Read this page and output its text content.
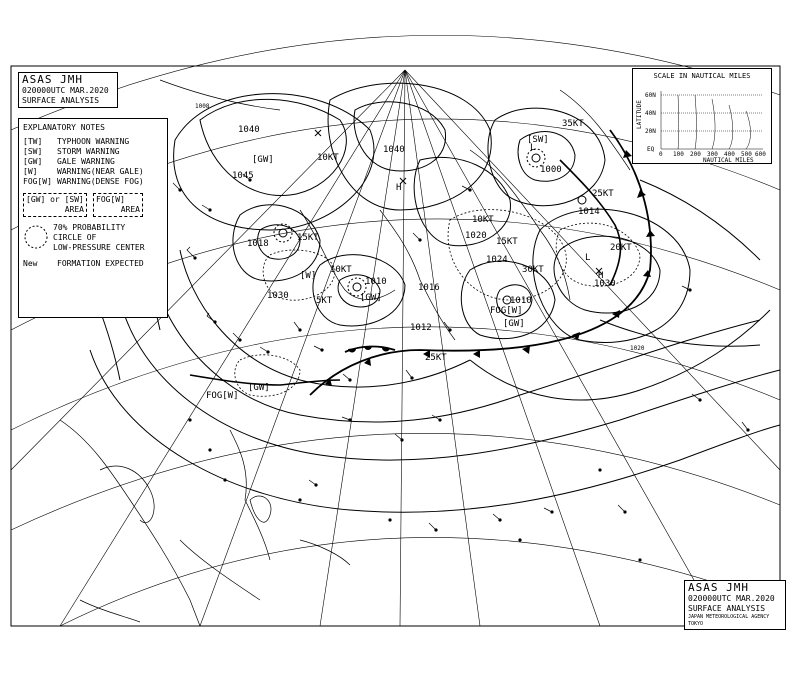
1040
1040
1045
1018
1030
1016
1020
1024
1010
1010
1012
1000
1014
1030
1020
1008
10KT
10KT
10KT
15KT	15KT
5KT
25KT
25KT
30KT
20KT
35KT
[GW]
[GW]
[GW]
[GW]
FOG[W]
FOG[W]
[W]
[SW]
H
L
H
L
ASAS JMH
020000UTC MAR.2020
SURFACE ANALYSIS
EXPLANATORY NOTES
[TW]	TYPHOON WARNING
[SW]	STORM WARNING
[GW]	GALE WARNING
[W]	WARNING(NEAR GALE)
FOG[W] WARNING(DENSE FOG)
[GW] or [SW]
AREA
FOG[W]
AREA
70% PROBABILITY
CIRCLE OF
LOW-PRESSURE CENTER
New	FORMATION EXPECTED
SCALE IN NAUTICAL MILES
LATITUDE
60N
40N
20N
EQ
0 100 200 300 400 500 600
NAUTICAL MILES
ASAS JMH
020000UTC MAR.2020
SURFACE ANALYSIS
JAPAN METEOROLOGICAL AGENCY TOKYO
